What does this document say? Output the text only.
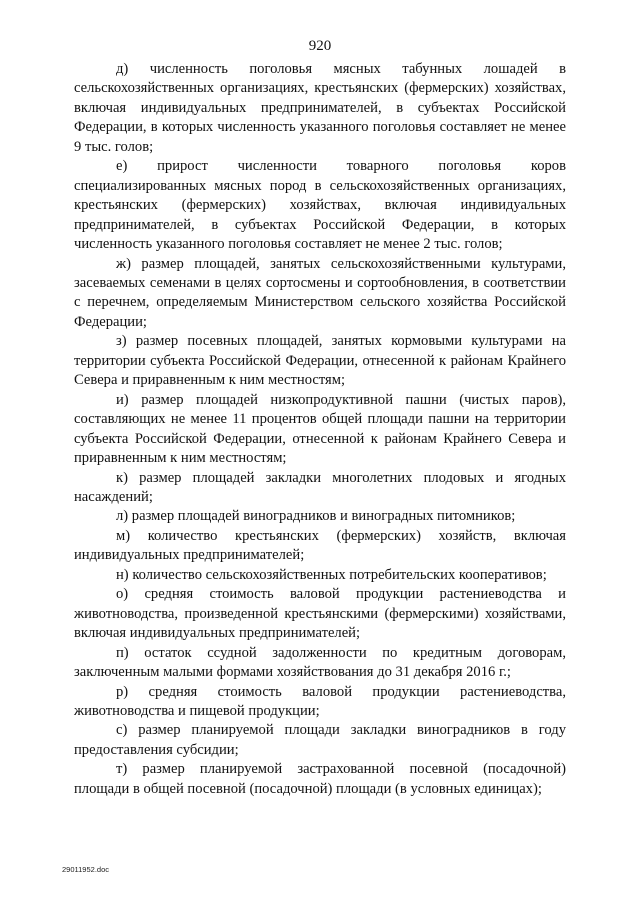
920

д) численность поголовья мясных табунных лошадей в сельскохозяйственных организациях, крестьянских (фермерских) хозяйствах, включая индивидуальных предпринимателей, в субъектах Российской Федерации, в которых численность указанного поголовья составляет не менее 9 тыс. голов;

е) прирост численности товарного поголовья коров специализированных мясных пород в сельскохозяйственных организациях, крестьянских (фермерских) хозяйствах, включая индивидуальных предпринимателей, в субъектах Российской Федерации, в которых численность указанного поголовья составляет не менее 2 тыс. голов;

ж) размер площадей, занятых сельскохозяйственными культурами, засеваемых семенами в целях сортосмены и сортообновления, в соответствии с перечнем, определяемым Министерством сельского хозяйства Российской Федерации;

з) размер посевных площадей, занятых кормовыми культурами на территории субъекта Российской Федерации, отнесенной к районам Крайнего Севера и приравненным к ним местностям;

и) размер площадей низкопродуктивной пашни (чистых паров), составляющих не менее 11 процентов общей площади пашни на территории субъекта Российской Федерации, отнесенной к районам Крайнего Севера и приравненным к ним местностям;

к) размер площадей закладки многолетних плодовых и ягодных насаждений;

л) размер площадей виноградников и виноградных питомников;

м) количество крестьянских (фермерских) хозяйств, включая индивидуальных предпринимателей;

н) количество сельскохозяйственных потребительских кооперативов;

о) средняя стоимость валовой продукции растениеводства и животноводства, произведенной крестьянскими (фермерскими) хозяйствами, включая индивидуальных предпринимателей;

п) остаток ссудной задолженности по кредитным договорам, заключенным малыми формами хозяйствования до 31 декабря 2016 г.;

р) средняя стоимость валовой продукции растениеводства, животноводства и пищевой продукции;

с) размер планируемой площади закладки виноградников в году предоставления субсидии;

т) размер планируемой застрахованной посевной (посадочной) площади в общей посевной (посадочной) площади (в условных единицах);

29011952.doc
